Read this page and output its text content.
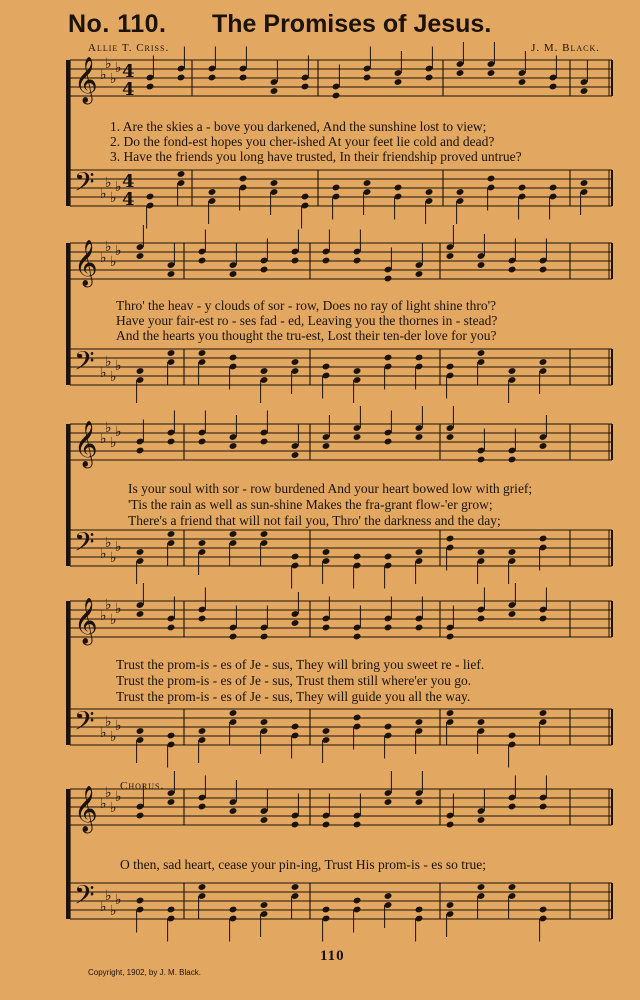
No. 110. The Promises of Jesus.
Allie T. Criss.	J. M. Black.
𝄞
𝄢
♭
♭
♭
♭
♭
♭
♭
♭
4
4
4
4
𝄞
𝄢
♭
♭
♭
♭
♭
♭
♭
♭
𝄞
𝄢
♭
♭
♭
♭
♭
♭
♭
♭
𝄞
𝄢
♭
♭
♭
♭
♭
♭
♭
♭
𝄞
𝄢
♭
♭
♭
♭
♭
♭
♭
♭
1. Are the skies a - bove you darkened, And the sunshine lost to view;
2. Do the fond-est hopes you cher-ished At your feet lie cold and dead?
3. Have the friends you long have trusted, In their friendship proved untrue?
Thro' the heav - y clouds of sor - row, Does no ray of light shine thro'?
Have your fair-est ro - ses fad - ed, Leaving you the thornes in - stead?
And the hearts you thought the tru-est, Lost their ten-der love for you?
Is your soul with sor - row burdened And your heart bowed low with grief;
'Tis the rain as well as sun-shine Makes the fra-grant flow-'er grow;
There's a friend that will not fail you, Thro' the darkness and the day;
Trust the prom-is - es of Je - sus, They will bring you sweet re - lief.
Trust the prom-is - es of Je - sus, Trust them still where'er you go.
Trust the prom-is - es of Je - sus, They will guide you all the way.
Chorus.
O then, sad heart, cease your pin-ing, Trust His prom-is - es so true;
110
Copyright, 1902, by J. M. Black.
